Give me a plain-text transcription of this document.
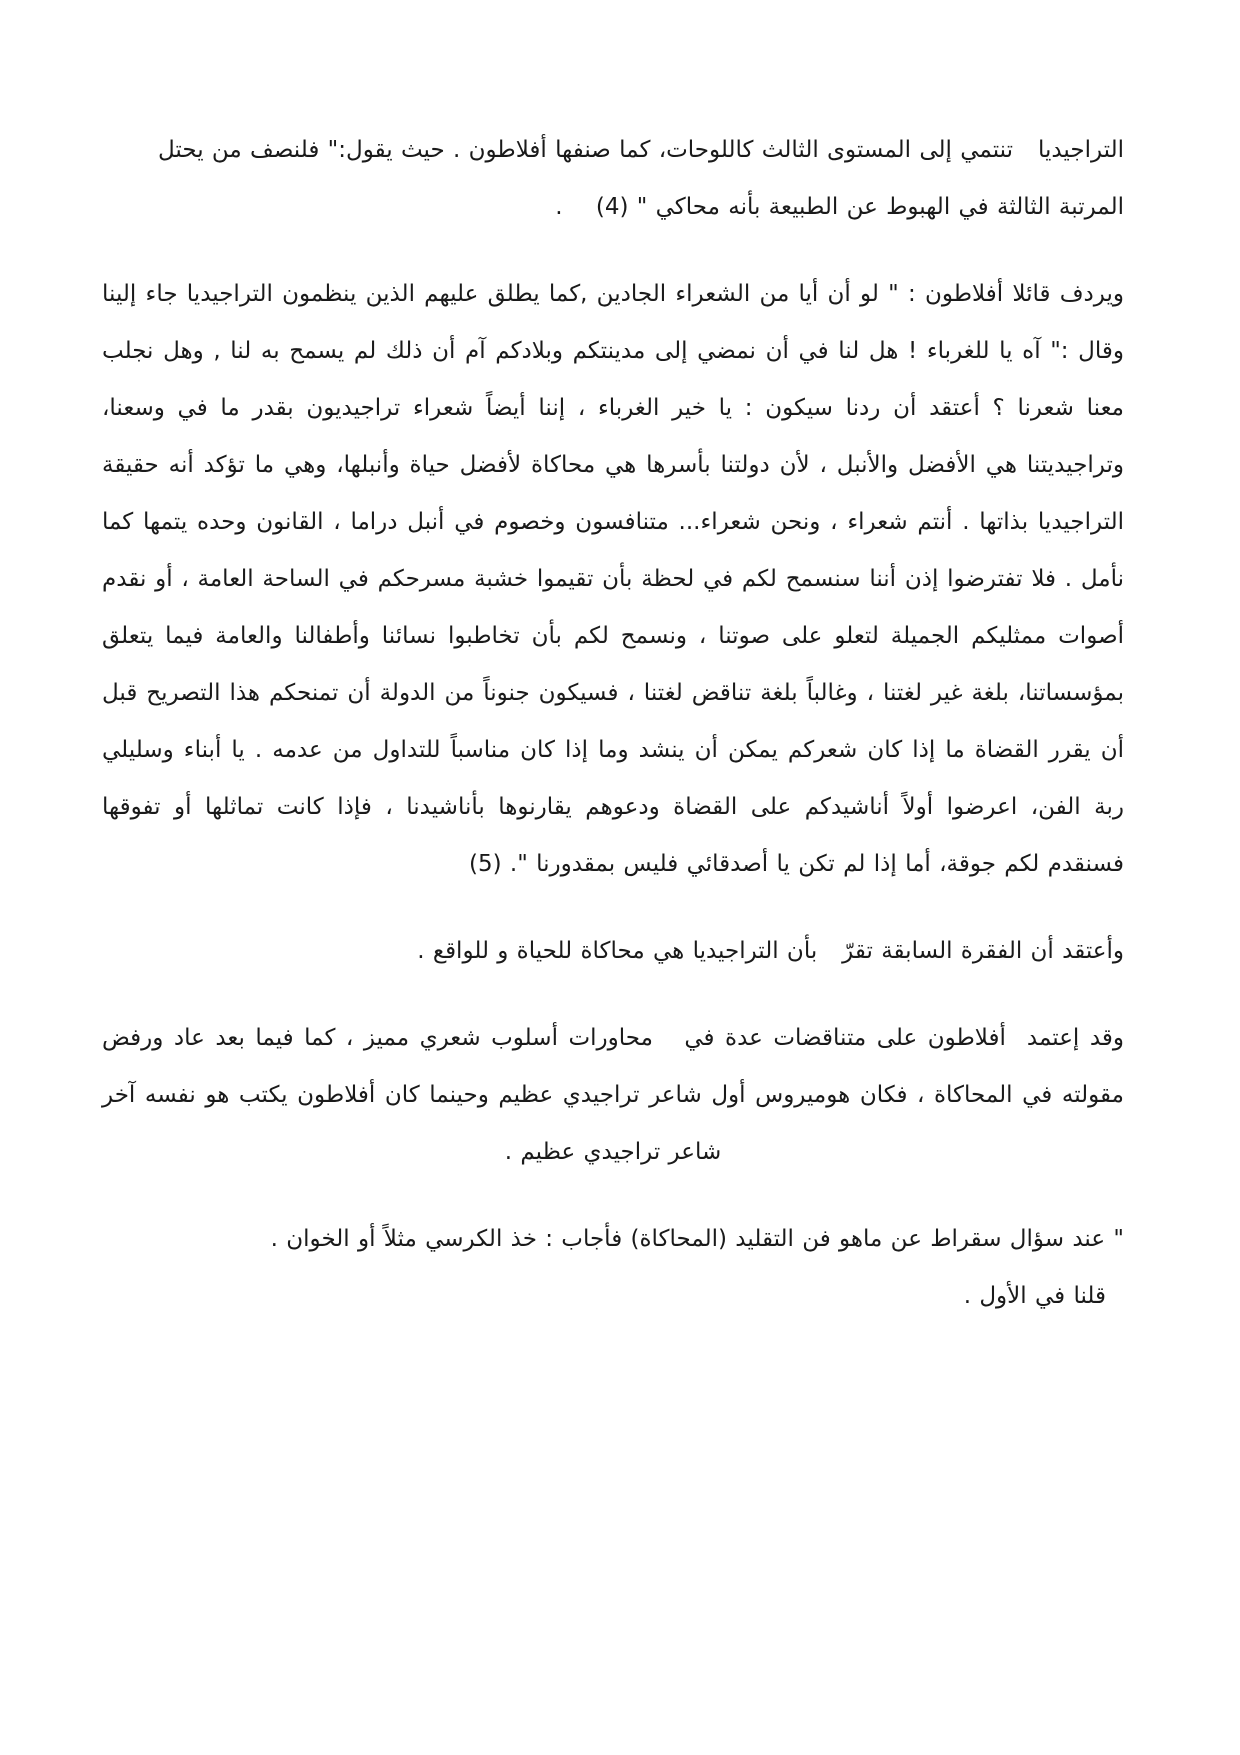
التراجيديا   تنتمي إلى المستوى الثالث كاللوحات، كما صنفها أفلاطون . حيث يقول:" فلنصف من يحتل المرتبة الثالثة في الهبوط عن الطبيعة بأنه محاكي " (4)    .

ويردف قائلا أفلاطون : " لو أن أيا من الشعراء الجادين ,كما يطلق عليهم الذين ينظمون التراجيديا جاء إلينا وقال :" آه يا للغرباء ! هل لنا في أن نمضي إلى مدينتكم وبلادكم آم أن ذلك لم يسمح به لنا , وهل نجلب معنا شعرنا ؟ أعتقد أن ردنا سيكون : يا خير الغرباء ، إننا أيضاً شعراء تراجيديون بقدر ما في وسعنا، وتراجيديتنا هي الأفضل والأنبل ، لأن دولتنا بأسرها هي محاكاة لأفضل حياة وأنبلها، وهي ما تؤكد أنه حقيقة التراجيديا بذاتها . أنتم شعراء ، ونحن شعراء... متنافسون وخصوم في أنبل دراما ، القانون وحده يتمها كما نأمل . فلا تفترضوا إذن أننا سنسمح لكم في لحظة بأن تقيموا خشبة مسرحكم في الساحة العامة ، أو نقدم أصوات ممثليكم الجميلة لتعلو على صوتنا ، ونسمح لكم بأن تخاطبوا نسائنا وأطفالنا والعامة فيما يتعلق بمؤسساتنا، بلغة غير لغتنا ، وغالباً بلغة تناقض لغتنا ، فسيكون جنوناً من الدولة أن تمنحكم هذا التصريح قبل أن يقرر القضاة ما إذا كان شعركم يمكن أن ينشد وما إذا كان مناسباً للتداول من عدمه . يا أبناء وسليلي ربة الفن، اعرضوا أولاً أناشيدكم على القضاة ودعوهم يقارنوها بأناشيدنا ، فإذا كانت تماثلها أو تفوقها فسنقدم لكم جوقة، أما إذا لم تكن يا أصدقائي فليس بمقدورنا ". (5)

وأعتقد أن الفقرة السابقة تقرّ   بأن التراجيديا هي محاكاة للحياة و للواقع .

وقد إعتمد  أفلاطون على متناقضات عدة في   محاورات أسلوب شعري مميز ، كما فيما بعد عاد ورفض مقولته في المحاكاة ، فكان هوميروس أول شاعر تراجيدي عظيم وحينما كان أفلاطون يكتب هو نفسه آخر شاعر تراجيدي عظيم .

" عند سؤال سقراط عن ماهو فن التقليد (المحاكاة) فأجاب : خذ الكرسي مثلاً أو الخوان .

قلنا في الأول .
